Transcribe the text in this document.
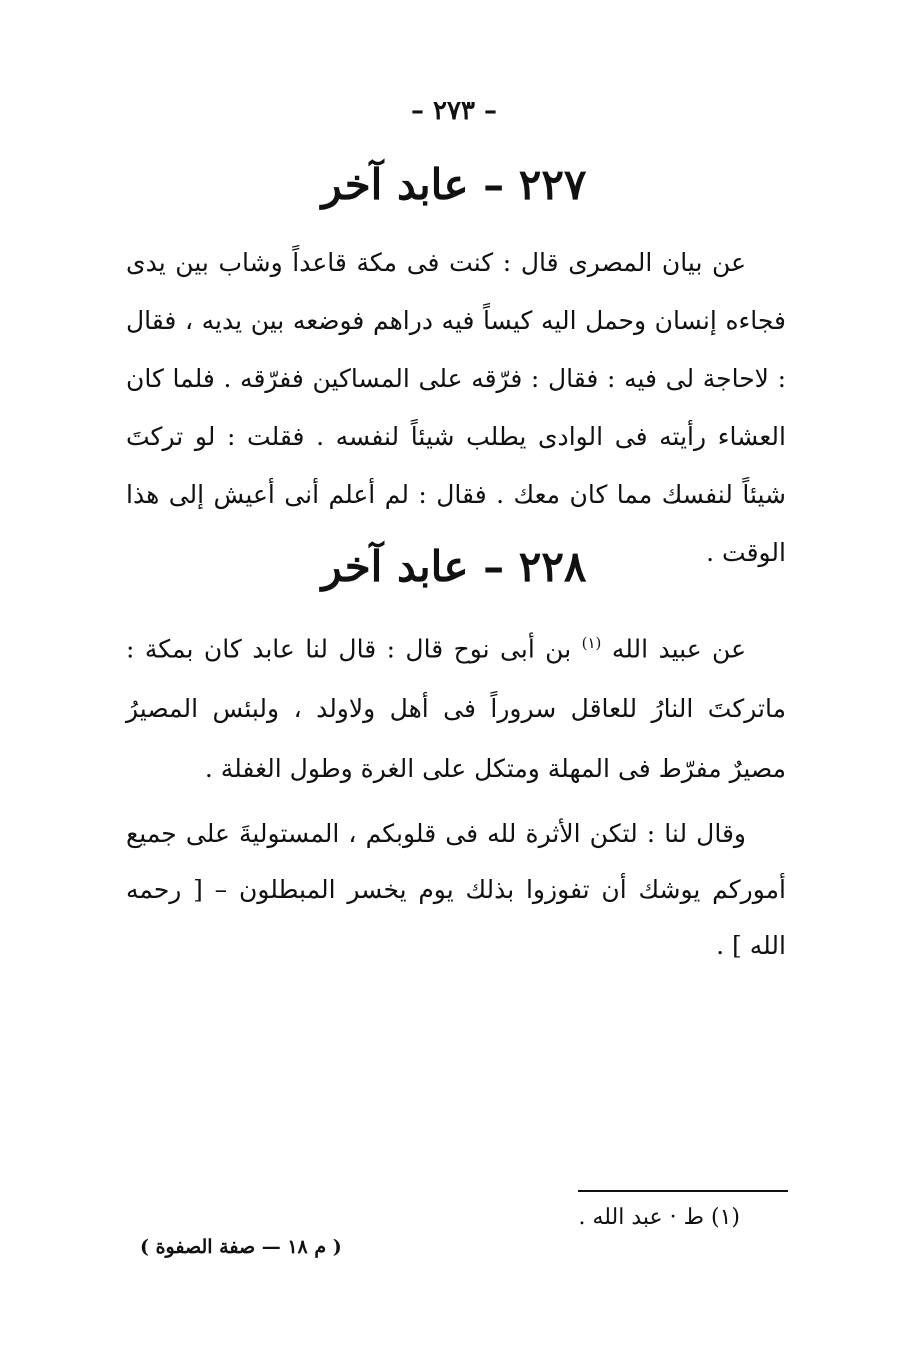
– ٢٧٣ –
٢٢٧ – عابد آخر
عن بيان المصرى قال : كنت فى مكة قاعداً وشاب بين يدى فجاءه إنسان وحمل اليه كيساً فيه دراهم فوضعه بين يديه ، فقال : لاحاجة لى فيه : فقال : فرّقه على المساكين ففرّقه . فلما كان العشاء رأيته فى الوادى يطلب شيئاً لنفسه . فقلت : لو تركتَ شيئاً لنفسك مما كان معك . فقال : لم أعلم أنى أعيش إلى هذا الوقت .
٢٢٨ – عابد آخر
عن عبيد الله $^{(١)}$ بن أبى نوح قال : قال لنا عابد كان بمكة : ماتركتَ النارُ للعاقل سروراً فى أهل ولاولد ، ولبئس المصيرُ مصيرٌ مفرّط فى المهلة ومتكل على الغرة وطول الغفلة .
وقال لنا : لتكن الأثرة لله فى قلوبكم ، المستوليةَ على جميع أموركم يوشك أن تفوزوا بذلك يوم يخسر المبطلون – [ رحمه الله ] .
(١) ط · عبد الله .
( م ١٨ — صفة الصفوة )
